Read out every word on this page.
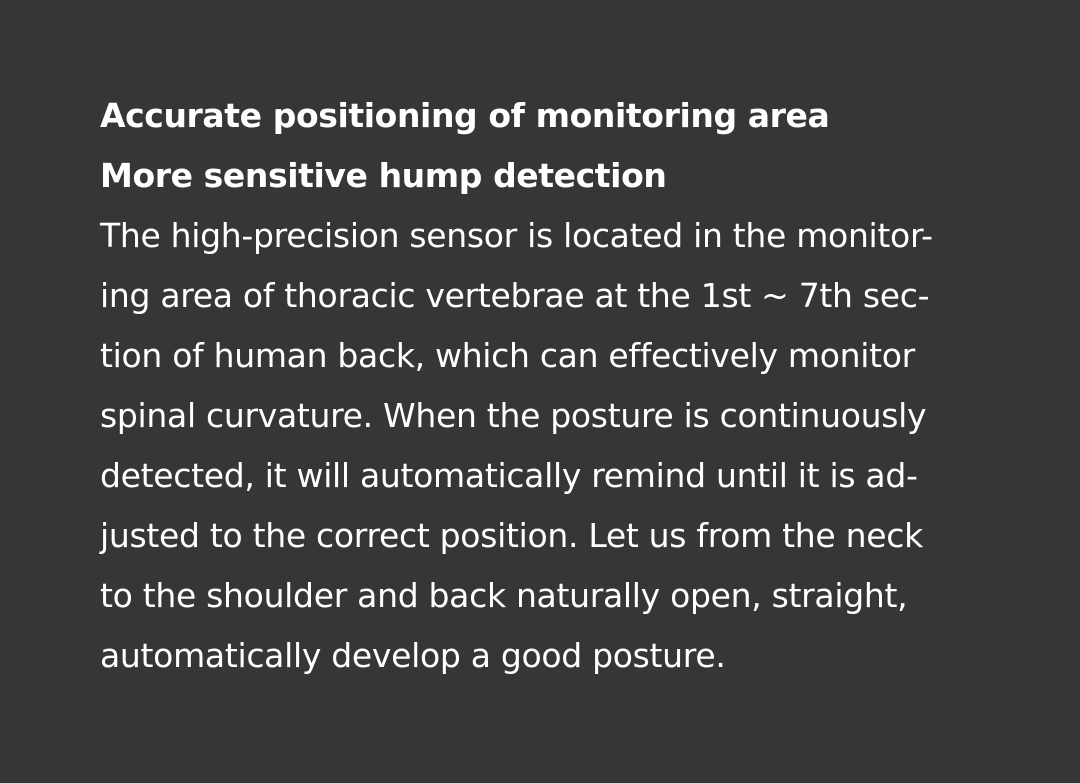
Accurate positioning of monitoring area
More sensitive hump detection
The high-precision sensor is located in the monitor-
ing area of thoracic vertebrae at the 1st ~ 7th sec-
tion of human back, which can effectively monitor
spinal curvature. When the posture is continuously
detected, it will automatically remind until it is ad-
justed to the correct position. Let us from the neck
to the shoulder and back naturally open, straight,
automatically develop a good posture.
